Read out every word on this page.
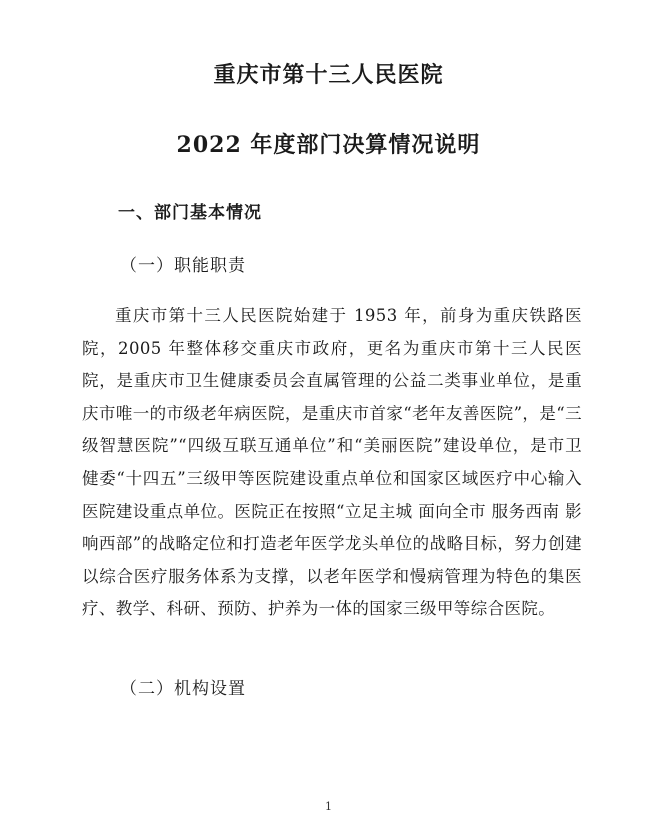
重庆市第十三人民医院
2022 年度部门决算情况说明
一、部门基本情况
（一）职能职责

重庆市第十三人民医院始建于 1953 年，前身为重庆铁路医院，2005 年整体移交重庆市政府，更名为重庆市第十三人民医院，是重庆市卫生健康委员会直属管理的公益二类事业单位，是重庆市唯一的市级老年病医院，是重庆市首家“老年友善医院”，是“三级智慧医院”“四级互联互通单位”和“美丽医院”建设单位，是市卫健委“十四五”三级甲等医院建设重点单位和国家区域医疗中心输入医院建设重点单位。医院正在按照“立足主城 面向全市 服务西南 影响西部”的战略定位和打造老年医学龙头单位的战略目标，努力创建以综合医疗服务体系为支撑，以老年医学和慢病管理为特色的集医疗、教学、科研、预防、护养为一体的国家三级甲等综合医院。

（二）机构设置
1
